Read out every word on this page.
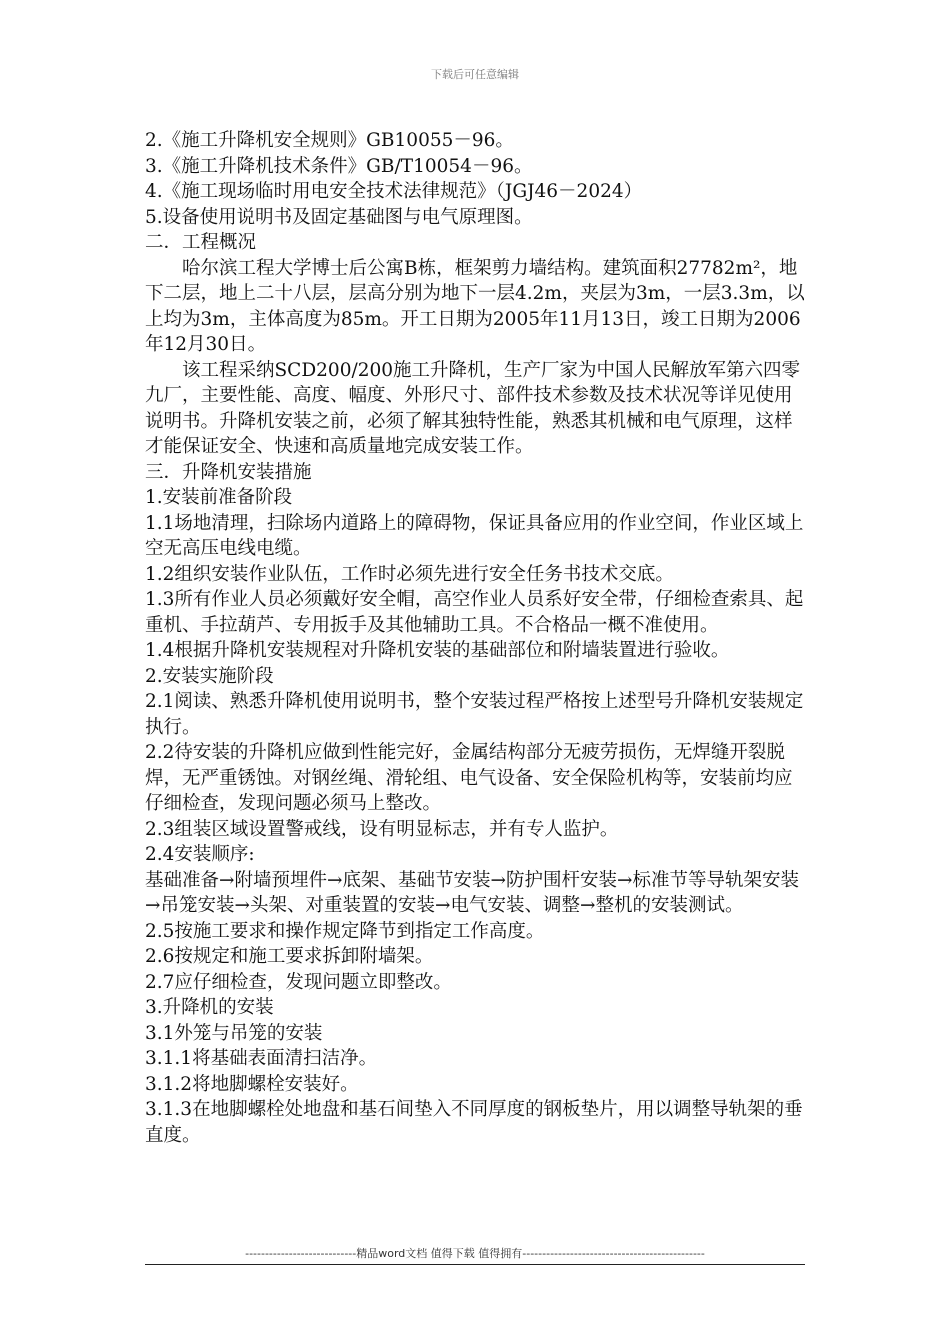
下载后可任意编辑

2.《施工升降机安全规则》GB10055－96。

3.《施工升降机技术条件》GB/T10054－96。

4.《施工现场临时用电安全技术法律规范》（JGJ46－2024）

5.设备使用说明书及固定基础图与电气原理图。

二．工程概况

哈尔滨工程大学博士后公寓B栋，框架剪力墙结构。建筑面积27782m²，地下二层，地上二十八层，层高分别为地下一层4.2m，夹层为3m，一层3.3m，以上均为3m，主体高度为85m。开工日期为2005年11月13日，竣工日期为2006年12月30日。

该工程采纳SCD200/200施工升降机，生产厂家为中国人民解放军第六四零九厂，主要性能、高度、幅度、外形尺寸、部件技术参数及技术状况等详见使用说明书。升降机安装之前，必须了解其独特性能，熟悉其机械和电气原理，这样才能保证安全、快速和高质量地完成安装工作。

三．升降机安装措施

1.安装前准备阶段

1.1场地清理，扫除场内道路上的障碍物，保证具备应用的作业空间，作业区域上空无高压电线电缆。

1.2组织安装作业队伍，工作时必须先进行安全任务书技术交底。

1.3所有作业人员必须戴好安全帽，高空作业人员系好安全带，仔细检查索具、起重机、手拉葫芦、专用扳手及其他辅助工具。不合格品一概不准使用。

1.4根据升降机安装规程对升降机安装的基础部位和附墙装置进行验收。

2.安装实施阶段

2.1阅读、熟悉升降机使用说明书，整个安装过程严格按上述型号升降机安装规定执行。

2.2待安装的升降机应做到性能完好，金属结构部分无疲劳损伤，无焊缝开裂脱焊，无严重锈蚀。对钢丝绳、滑轮组、电气设备、安全保险机构等，安装前均应仔细检查，发现问题必须马上整改。

2.3组装区域设置警戒线，设有明显标志，并有专人监护。

2.4安装顺序:

基础准备→附墙预埋件→底架、基础节安装→防护围杆安装→标准节等导轨架安装→吊笼安装→头架、对重装置的安装→电气安装、调整→整机的安装测试。

2.5按施工要求和操作规定降节到指定工作高度。

2.6按规定和施工要求拆卸附墙架。

2.7应仔细检查，发现问题立即整改。

3.升降机的安装

3.1外笼与吊笼的安装

3.1.1将基础表面清扫洁净。

3.1.2将地脚螺栓安装好。

3.1.3在地脚螺栓处地盘和基石间垫入不同厚度的钢板垫片，用以调整导轨架的垂直度。

----------------------------精品word文档 值得下载 值得拥有----------------------------------------------
